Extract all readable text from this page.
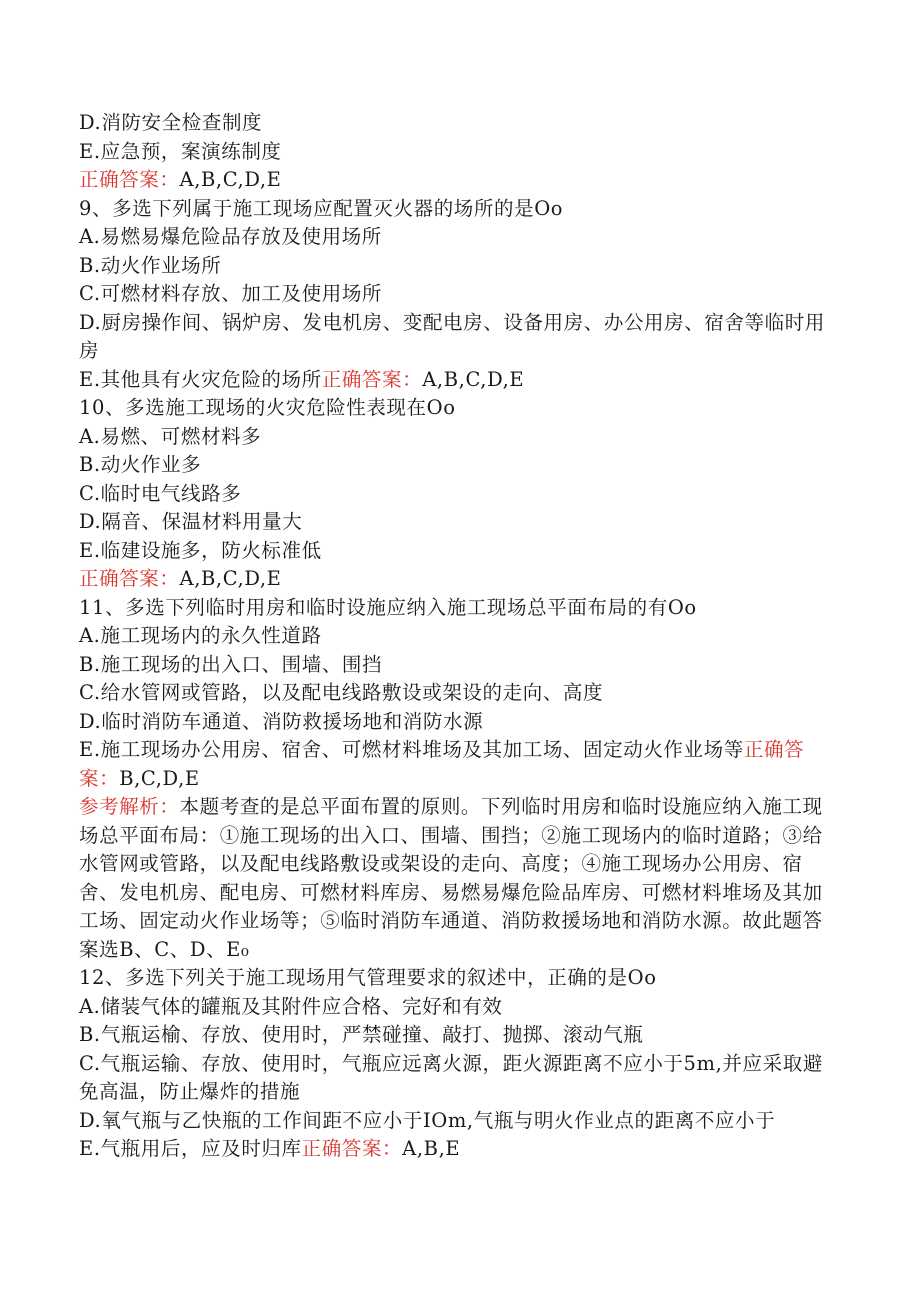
D.消防安全检查制度
E.应急预，案演练制度
正确答案：A,B,C,D,E
9、多选下列属于施工现场应配置灭火器的场所的是Oo
A.易燃易爆危险品存放及使用场所
B.动火作业场所
C.可燃材料存放、加工及使用场所
D.厨房操作间、锅炉房、发电机房、变配电房、设备用房、办公用房、宿舍等临时用房
E.其他具有火灾危险的场所正确答案：A,B,C,D,E
10、多选施工现场的火灾危险性表现在Oo
A.易燃、可燃材料多
B.动火作业多
C.临时电气线路多
D.隔音、保温材料用量大
E.临建设施多，防火标准低
正确答案：A,B,C,D,E
11、多选下列临时用房和临时设施应纳入施工现场总平面布局的有Oo
A.施工现场内的永久性道路
B.施工现场的出入口、围墙、围挡
C.给水管网或管路，以及配电线路敷设或架设的走向、高度
D.临时消防车通道、消防救援场地和消防水源
E.施工现场办公用房、宿舍、可燃材料堆场及其加工场、固定动火作业场等正确答案：B,C,D,E
参考解析：本题考查的是总平面布置的原则。下列临时用房和临时设施应纳入施工现场总平面布局：①施工现场的出入口、围墙、围挡；②施工现场内的临时道路；③给水管网或管路，以及配电线路敷设或架设的走向、高度；④施工现场办公用房、宿舍、发电机房、配电房、可燃材料库房、易燃易爆危险品库房、可燃材料堆场及其加工场、固定动火作业场等；⑤临时消防车通道、消防救援场地和消防水源。故此题答案选B、C、D、E₀
12、多选下列关于施工现场用气管理要求的叙述中，正确的是Oo
A.储装气体的罐瓶及其附件应合格、完好和有效
B.气瓶运榆、存放、使用时，严禁碰撞、敲打、抛掷、滚动气瓶
C.气瓶运输、存放、使用时，气瓶应远离火源，距火源距离不应小于5m,并应采取避免高温，防止爆炸的措施
D.氧气瓶与乙快瓶的工作间距不应小于IOm,气瓶与明火作业点的距离不应小于
E.气瓶用后，应及时归库正确答案：A,B,E
